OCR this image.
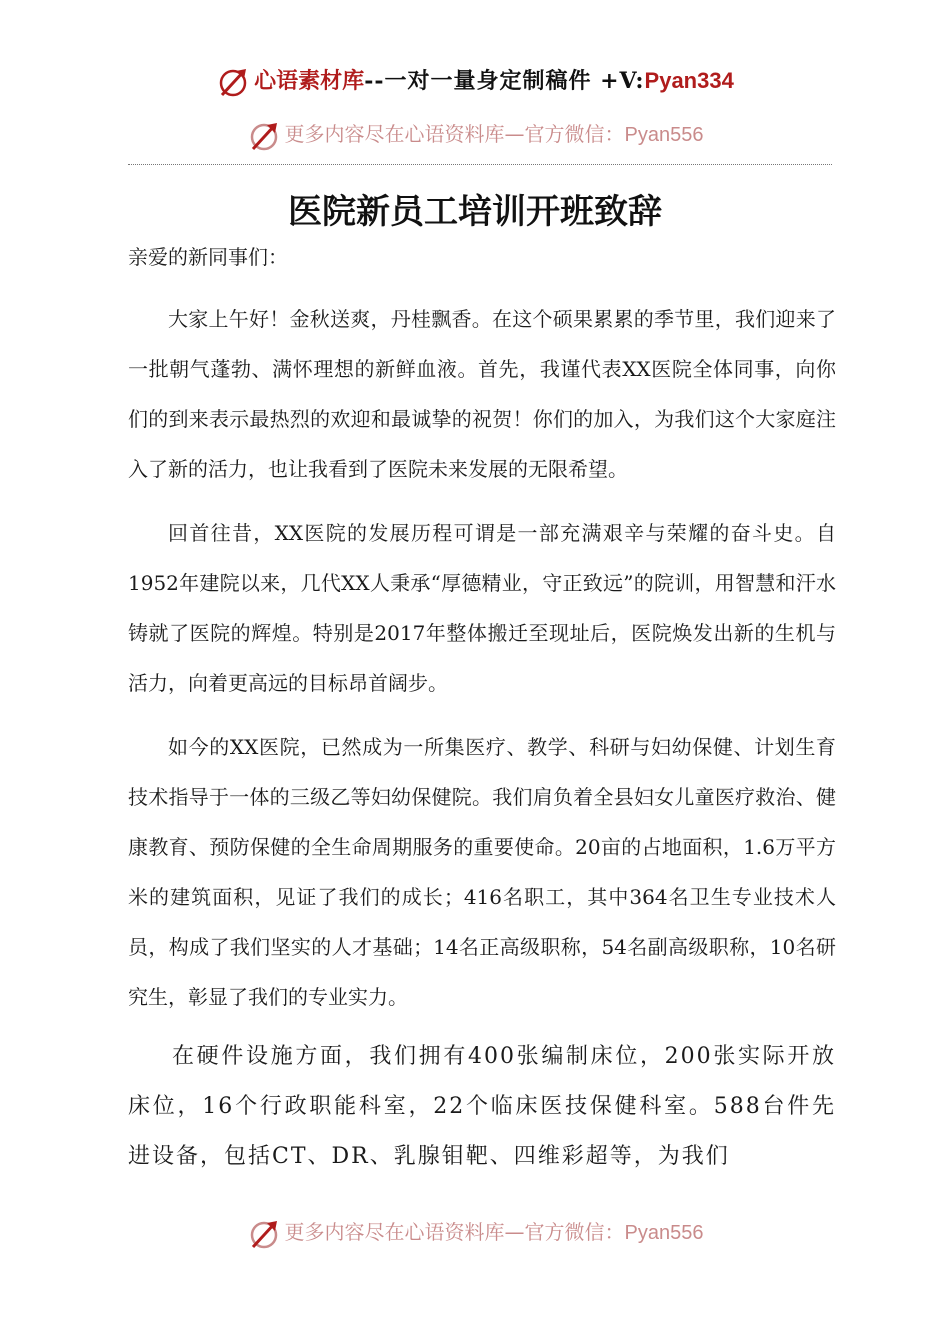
心语素材库--一对一量身定制稿件 +V:Pyan334
更多内容尽在心语资料库—官方微信：Pyan556
医院新员工培训开班致辞

亲爱的新同事们：

大家上午好！金秋送爽，丹桂飘香。在这个硕果累累的季节里，我们迎来了一批朝气蓬勃、满怀理想的新鲜血液。首先，我谨代表XX医院全体同事，向你们的到来表示最热烈的欢迎和最诚挚的祝贺！你们的加入，为我们这个大家庭注入了新的活力，也让我看到了医院未来发展的无限希望。

回首往昔，XX医院的发展历程可谓是一部充满艰辛与荣耀的奋斗史。自1952年建院以来，几代XX人秉承“厚德精业，守正致远”的院训，用智慧和汗水铸就了医院的辉煌。特别是2017年整体搬迁至现址后，医院焕发出新的生机与活力，向着更高远的目标昂首阔步。

如今的XX医院，已然成为一所集医疗、教学、科研与妇幼保健、计划生育技术指导于一体的三级乙等妇幼保健院。我们肩负着全县妇女儿童医疗救治、健康教育、预防保健的全生命周期服务的重要使命。20亩的占地面积，1.6万平方米的建筑面积，见证了我们的成长；416名职工，其中364名卫生专业技术人员，构成了我们坚实的人才基础；14名正高级职称，54名副高级职称，10名研究生，彰显了我们的专业实力。

在硬件设施方面，我们拥有400张编制床位，200张实际开放床位，16个行政职能科室，22个临床医技保健科室。588台件先进设备，包括CT、DR、乳腺钼靶、四维彩超等，为我们

更多内容尽在心语资料库—官方微信：Pyan556
